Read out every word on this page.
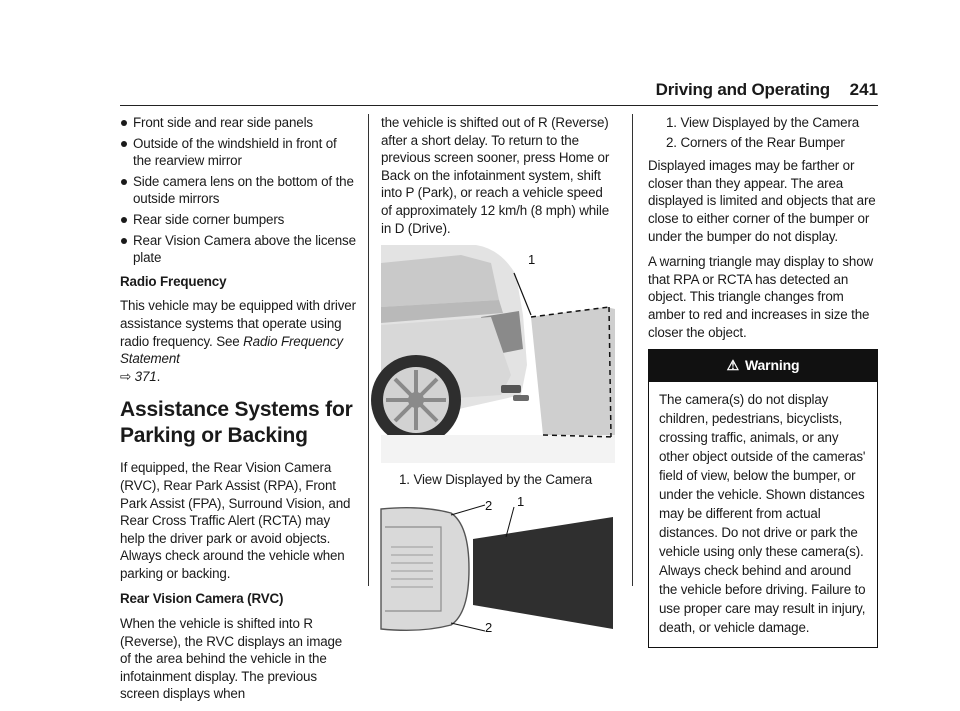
Driving and Operating 241
Front side and rear side panels
Outside of the windshield in front of the rearview mirror
Side camera lens on the bottom of the outside mirrors
Rear side corner bumpers
Rear Vision Camera above the license plate

Radio Frequency

This vehicle may be equipped with driver assistance systems that operate using radio frequency. See Radio Frequency Statement
⇨ 371.

Assistance Systems for Parking or Backing

If equipped, the Rear Vision Camera (RVC), Rear Park Assist (RPA), Front Park Assist (FPA), Surround Vision, and Rear Cross Traffic Alert (RCTA) may help the driver park or avoid objects. Always check around the vehicle when parking or backing.

Rear Vision Camera (RVC)

When the vehicle is shifted into R (Reverse), the RVC displays an image of the area behind the vehicle in the infotainment display. The previous screen displays when

the vehicle is shifted out of R (Reverse) after a short delay. To return to the previous screen sooner, press Home or Back on the infotainment system, shift into P (Park), or reach a vehicle speed of approximately 12 km/h (8 mph) while in D (Drive).

1
1. View Displayed by the Camera
2 1
2
1. View Displayed by the Camera
2. Corners of the Rear Bumper

Displayed images may be farther or closer than they appear. The area displayed is limited and objects that are close to either corner of the bumper or under the bumper do not display.

A warning triangle may display to show that RPA or RCTA has detected an object. This triangle changes from amber to red and increases in size the closer the object.

⚠ Warning
The camera(s) do not display children, pedestrians, bicyclists, crossing traffic, animals, or any other object outside of the cameras' field of view, below the bumper, or under the vehicle. Shown distances may be different from actual distances. Do not drive or park the vehicle using only these camera(s). Always check behind and around the vehicle before driving. Failure to use proper care may result in injury, death, or vehicle damage.
